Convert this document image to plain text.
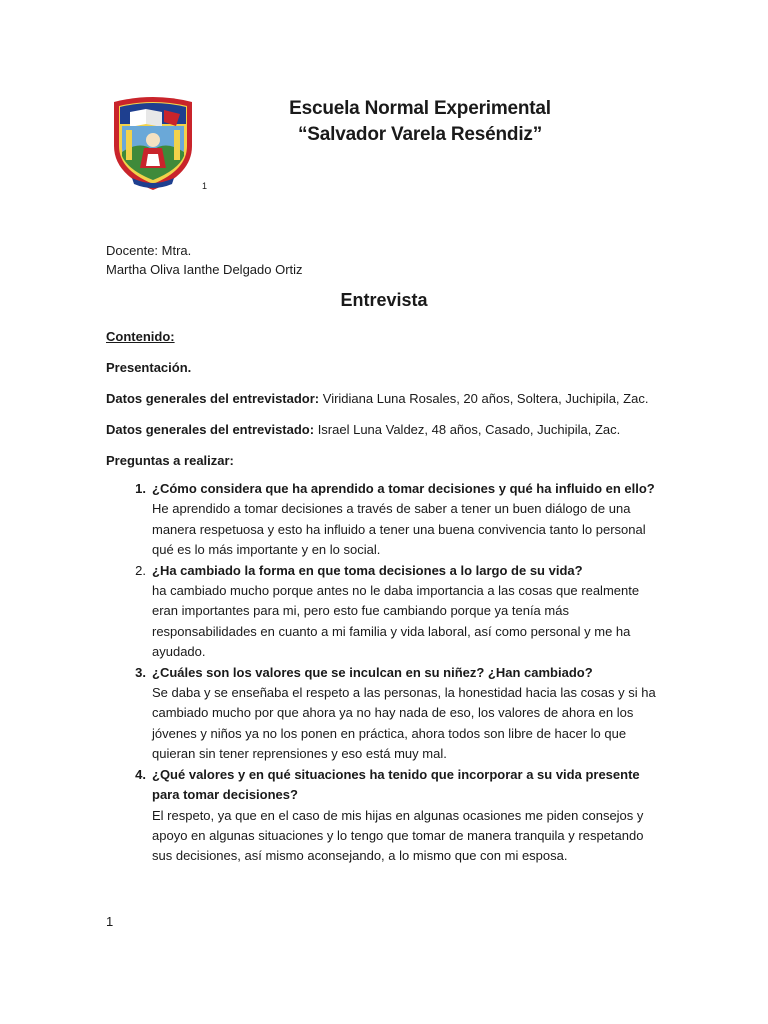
1
Escuela Normal Experimental
“Salvador Varela Reséndiz”
Docente: Mtra.
Martha Oliva Ianthe Delgado Ortiz
Entrevista
Contenido:
Presentación.
Datos generales del entrevistador: Viridiana Luna Rosales, 20 años, Soltera, Juchipila, Zac.
Datos generales del entrevistado: Israel Luna Valdez, 48 años, Casado, Juchipila, Zac.
Preguntas a realizar:
1. ¿Cómo considera que ha aprendido a tomar decisiones y qué ha influido en ello?
He aprendido a tomar decisiones a través de saber a tener un buen diálogo de una manera respetuosa y esto ha influido a tener una buena convivencia tanto lo personal qué es lo más importante y en lo social.
2. ¿Ha cambiado la forma en que toma decisiones a lo largo de su vida?
ha cambiado mucho porque antes no le daba importancia a las cosas que realmente eran importantes para mi, pero esto fue cambiando porque ya tenía más responsabilidades en cuanto a mi familia y vida laboral, así como personal y me ha ayudado.
3. ¿Cuáles son los valores que se inculcan en su niñez? ¿Han cambiado?
Se daba y se enseñaba el respeto a las personas, la honestidad hacia las cosas y si ha cambiado mucho por que ahora ya no hay nada de eso, los valores de ahora en los jóvenes y niños ya no los ponen en práctica, ahora todos son libre de hacer lo que quieran sin tener reprensiones y eso está muy mal.
4. ¿Qué valores y en qué situaciones ha tenido que incorporar a su vida presente para tomar decisiones?
El respeto, ya que en el caso de mis hijas en algunas ocasiones me piden consejos y apoyo en algunas situaciones y lo tengo que tomar de manera tranquila y respetando sus decisiones, así mismo aconsejando, a lo mismo que con mi esposa.
1
